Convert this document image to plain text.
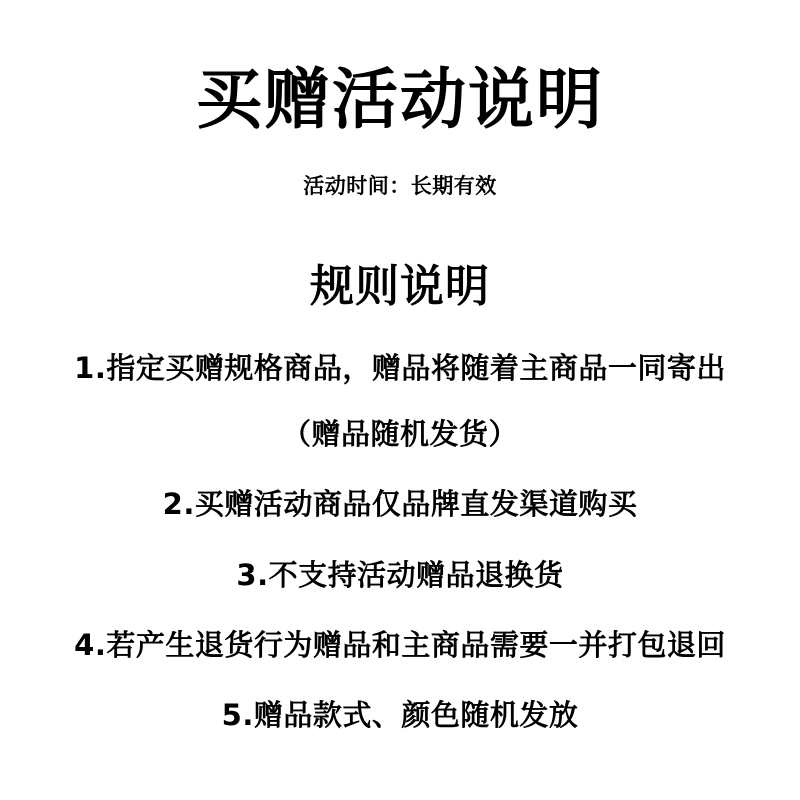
买赠活动说明

活动时间：长期有效

规则说明
1.指定买赠规格商品，赠品将随着主商品一同寄出
（赠品随机发货）
2.买赠活动商品仅品牌直发渠道购买
3.不支持活动赠品退换货
4.若产生退货行为赠品和主商品需要一并打包退回
5.赠品款式、颜色随机发放
